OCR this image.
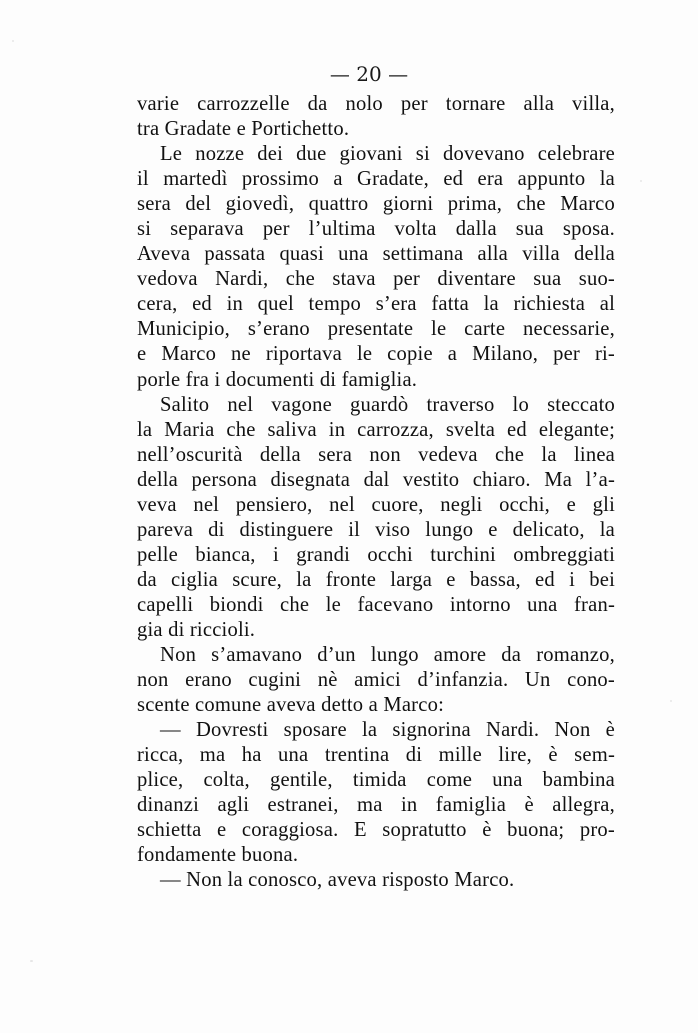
— 20 —

varie carrozzelle da nolo per tornare alla villa,
tra Gradate e Portichetto.
Le nozze dei due giovani si dovevano celebrare
il martedì prossimo a Gradate, ed era appunto la
sera del giovedì, quattro giorni prima, che Marco
si separava per l’ultima volta dalla sua sposa.
Aveva passata quasi una settimana alla villa della
vedova Nardi, che stava per diventare sua suo-
cera, ed in quel tempo s’era fatta la richiesta al
Municipio, s’erano presentate le carte necessarie,
e Marco ne riportava le copie a Milano, per ri-
porle fra i documenti di famiglia.
Salito nel vagone guardò traverso lo steccato
la Maria che saliva in carrozza, svelta ed elegante;
nell’oscurità della sera non vedeva che la linea
della persona disegnata dal vestito chiaro. Ma l’a-
veva nel pensiero, nel cuore, negli occhi, e gli
pareva di distinguere il viso lungo e delicato, la
pelle bianca, i grandi occhi turchini ombreggiati
da ciglia scure, la fronte larga e bassa, ed i bei
capelli biondi che le facevano intorno una fran-
gia di riccioli.
Non s’amavano d’un lungo amore da romanzo,
non erano cugini nè amici d’infanzia. Un cono-
scente comune aveva detto a Marco:
— Dovresti sposare la signorina Nardi. Non è
ricca, ma ha una trentina di mille lire, è sem-
plice, colta, gentile, timida come una bambina
dinanzi agli estranei, ma in famiglia è allegra,
schietta e coraggiosa. E sopratutto è buona; pro-
fondamente buona.
— Non la conosco, aveva risposto Marco.
